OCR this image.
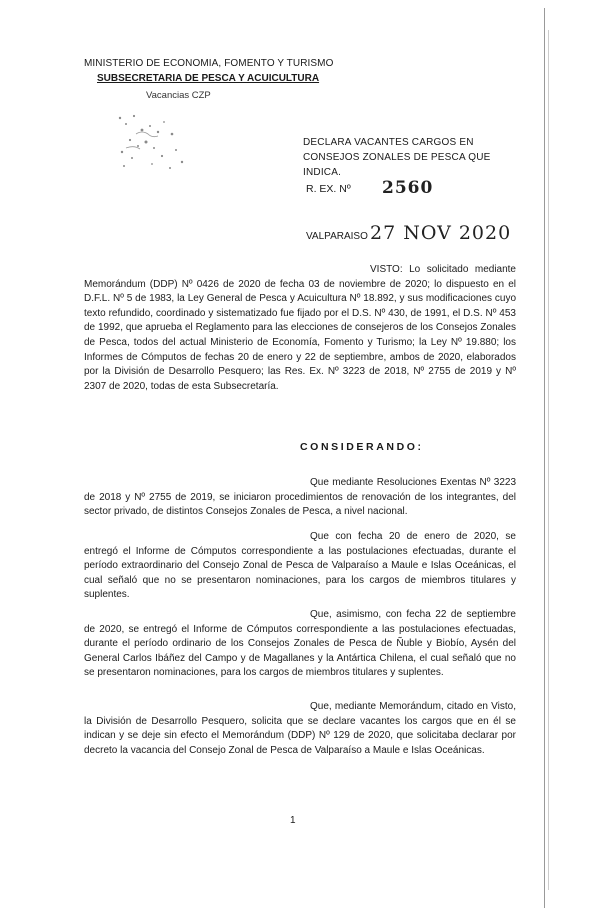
MINISTERIO DE ECONOMIA, FOMENTO Y TURISMO
SUBSECRETARIA DE PESCA Y ACUICULTURA
Vacancias CZP
DECLARA VACANTES CARGOS EN CONSEJOS ZONALES DE PESCA QUE INDICA.
R. EX. Nº 2560
VALPARAISO 27 NOV 2020
VISTO: Lo solicitado mediante Memorándum (DDP) Nº 0426 de 2020 de fecha 03 de noviembre de 2020; lo dispuesto en el D.F.L. Nº 5 de 1983, la Ley General de Pesca y Acuicultura Nº 18.892, y sus modificaciones cuyo texto refundido, coordinado y sistematizado fue fijado por el D.S. Nº 430, de 1991, el D.S. Nº 453 de 1992, que aprueba el Reglamento para las elecciones de consejeros de los Consejos Zonales de Pesca, todos del actual Ministerio de Economía, Fomento y Turismo; la Ley Nº 19.880; los Informes de Cómputos de fechas 20 de enero y 22 de septiembre, ambos de 2020, elaborados por la División de Desarrollo Pesquero; las Res. Ex. Nº 3223 de 2018, Nº 2755 de 2019 y Nº 2307 de 2020, todas de esta Subsecretaría.
CONSIDERANDO:
Que mediante Resoluciones Exentas Nº 3223 de 2018 y Nº 2755 de 2019, se iniciaron procedimientos de renovación de los integrantes, del sector privado, de distintos Consejos Zonales de Pesca, a nivel nacional.
Que con fecha 20 de enero de 2020, se entregó el Informe de Cómputos correspondiente a las postulaciones efectuadas, durante el período extraordinario del Consejo Zonal de Pesca de Valparaíso a Maule e Islas Oceánicas, el cual señaló que no se presentaron nominaciones, para los cargos de miembros titulares y suplentes.
Que, asimismo, con fecha 22 de septiembre de 2020, se entregó el Informe de Cómputos correspondiente a las postulaciones efectuadas, durante el período ordinario de los Consejos Zonales de Pesca de Ñuble y Biobío, Aysén del General Carlos Ibáñez del Campo y de Magallanes y la Antártica Chilena, el cual señaló que no se presentaron nominaciones, para los cargos de miembros titulares y suplentes.
Que, mediante Memorándum, citado en Visto, la División de Desarrollo Pesquero, solicita que se declare vacantes los cargos que en él se indican y se deje sin efecto el Memorándum (DDP) Nº 129 de 2020, que solicitaba declarar por decreto la vacancia del Consejo Zonal de Pesca de Valparaíso a Maule e Islas Oceánicas.
1
